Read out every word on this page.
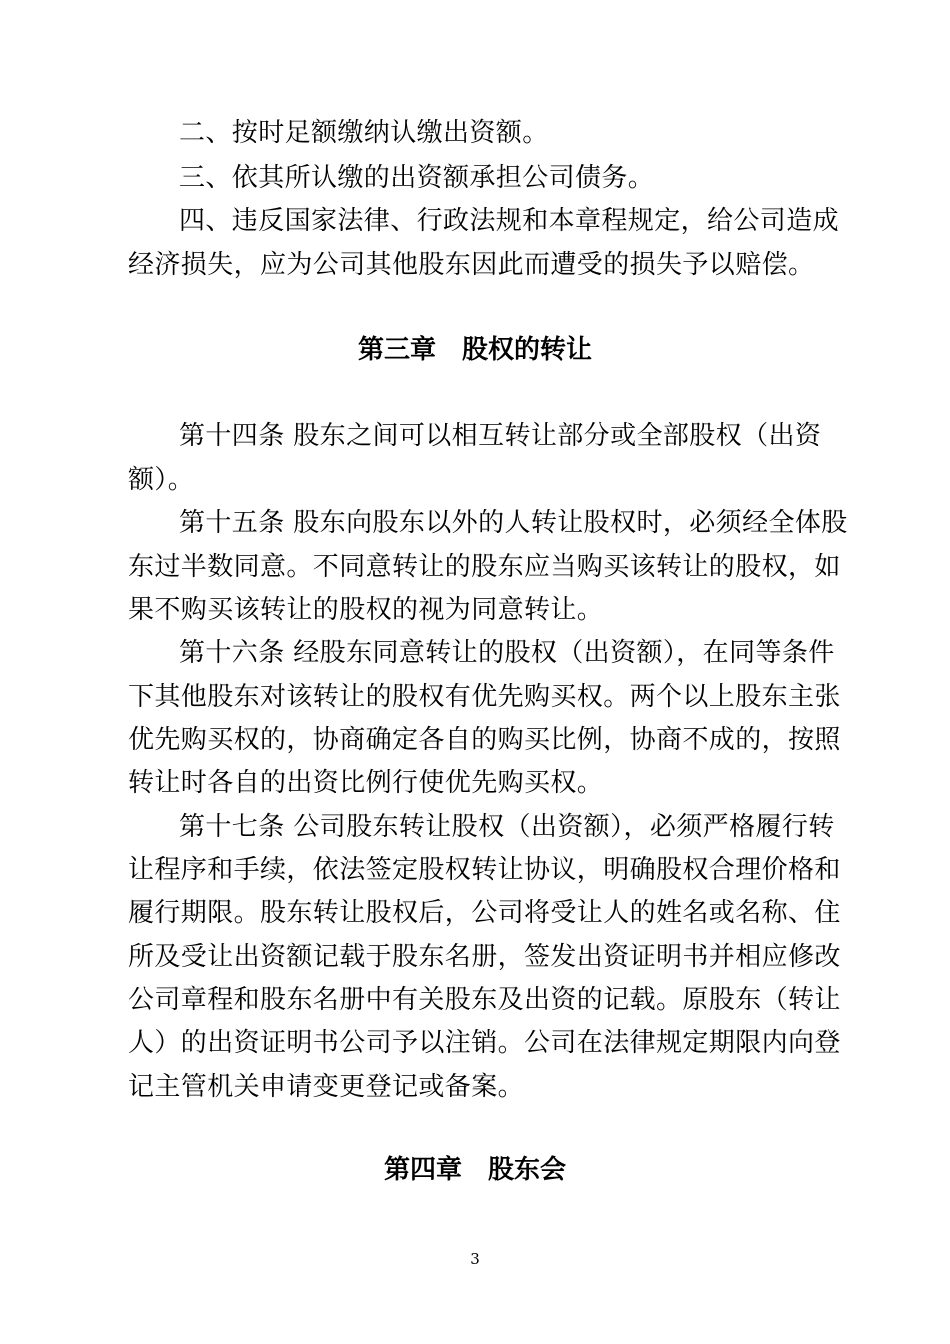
二、按时足额缴纳认缴出资额。
三、依其所认缴的出资额承担公司债务。
四、违反国家法律、行政法规和本章程规定，给公司造成
经济损失，应为公司其他股东因此而遭受的损失予以赔偿。
第三章　股权的转让
第十四条 股东之间可以相互转让部分或全部股权（出资
额）。
第十五条 股东向股东以外的人转让股权时，必须经全体股
东过半数同意。不同意转让的股东应当购买该转让的股权，如
果不购买该转让的股权的视为同意转让。
第十六条 经股东同意转让的股权（出资额），在同等条件
下其他股东对该转让的股权有优先购买权。两个以上股东主张
优先购买权的，协商确定各自的购买比例，协商不成的，按照
转让时各自的出资比例行使优先购买权。
第十七条 公司股东转让股权（出资额），必须严格履行转
让程序和手续，依法签定股权转让协议，明确股权合理价格和
履行期限。股东转让股权后，公司将受让人的姓名或名称、住
所及受让出资额记载于股东名册，签发出资证明书并相应修改
公司章程和股东名册中有关股东及出资的记载。原股东（转让
人）的出资证明书公司予以注销。公司在法律规定期限内向登
记主管机关申请变更登记或备案。
第四章　股东会
3
